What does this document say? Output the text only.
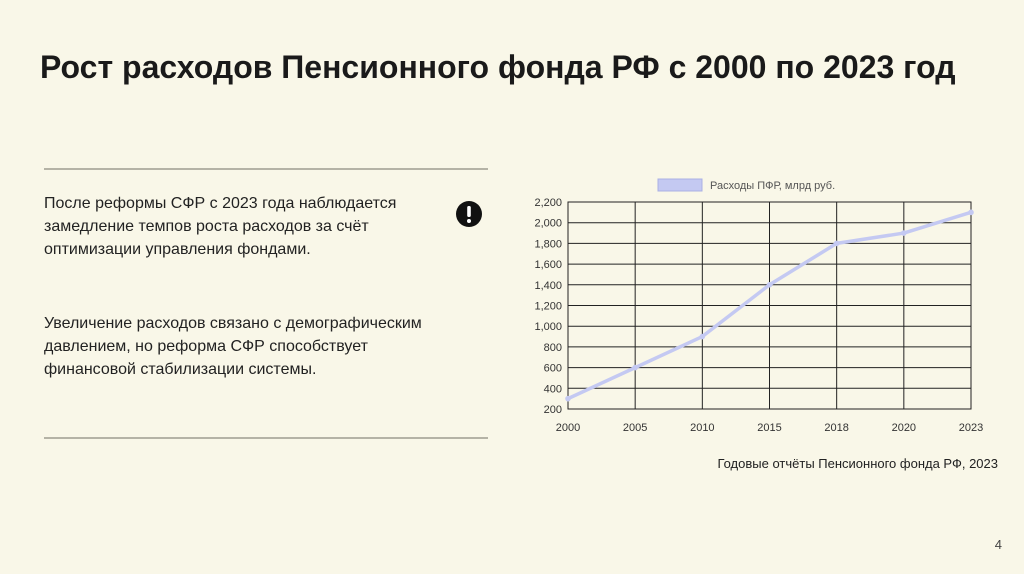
Рост расходов Пенсионного фонда РФ с 2000 по 2023 год

После реформы СФР с 2023 года наблюдается замедление темпов роста расходов за счёт оптимизации управления фондами.

Увеличение расходов связано с демографическим давлением, но реформа СФР способствует финансовой стабилизации системы.

200
400
600
800
1,000
1,200
1,400
1,600
1,800
2,000
2,200
2000	2005	2010	2015	2018	2020	2023
Расходы ПФР, млрд руб.

Годовые отчёты Пенсионного фонда РФ, 2023

4
